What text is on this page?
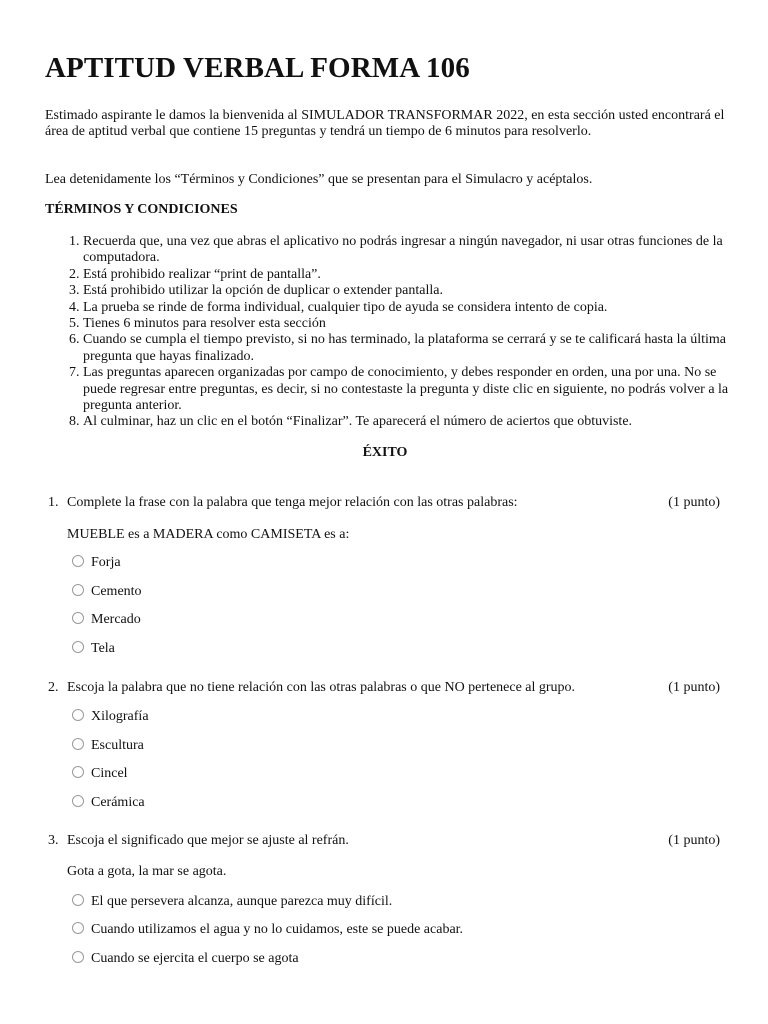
APTITUD VERBAL FORMA 106

Estimado aspirante le damos la bienvenida al SIMULADOR TRANSFORMAR 2022, en esta sección usted encontrará el área de aptitud verbal que contiene 15 preguntas y tendrá un tiempo de 6 minutos para resolverlo.

Lea detenidamente los “Términos y Condiciones” que se presentan para el Simulacro y acéptalos.

TÉRMINOS Y CONDICIONES

1. Recuerda que, una vez que abras el aplicativo no podrás ingresar a ningún navegador, ni usar otras funciones de la computadora.
2. Está prohibido realizar “print de pantalla”.
3. Está prohibido utilizar la opción de duplicar o extender pantalla.
4. La prueba se rinde de forma individual, cualquier tipo de ayuda se considera intento de copia.
5. Tienes 6 minutos para resolver esta sección
6. Cuando se cumpla el tiempo previsto, si no has terminado, la plataforma se cerrará y se te calificará hasta la última pregunta que hayas finalizado.
7. Las preguntas aparecen organizadas por campo de conocimiento, y debes responder en orden, una por una. No se puede regresar entre preguntas, es decir, si no contestaste la pregunta y diste clic en siguiente, no podrás volver a la pregunta anterior.
8. Al culminar, haz un clic en el botón “Finalizar”. Te aparecerá el número de aciertos que obtuviste.

ÉXITO

1. Complete la frase con la palabra que tenga mejor relación con las otras palabras:	(1 punto)
MUEBLE es a MADERA como CAMISETA es a:
Forja
Cemento
Mercado
Tela
2. Escoja la palabra que no tiene relación con las otras palabras o que NO pertenece al grupo.	(1 punto)
Xilografía
Escultura
Cincel
Cerámica
3. Escoja el significado que mejor se ajuste al refrán.	(1 punto)
Gota a gota, la mar se agota.
El que persevera alcanza, aunque parezca muy difícil.
Cuando utilizamos el agua y no lo cuidamos, este se puede acabar.
Cuando se ejercita el cuerpo se agota
